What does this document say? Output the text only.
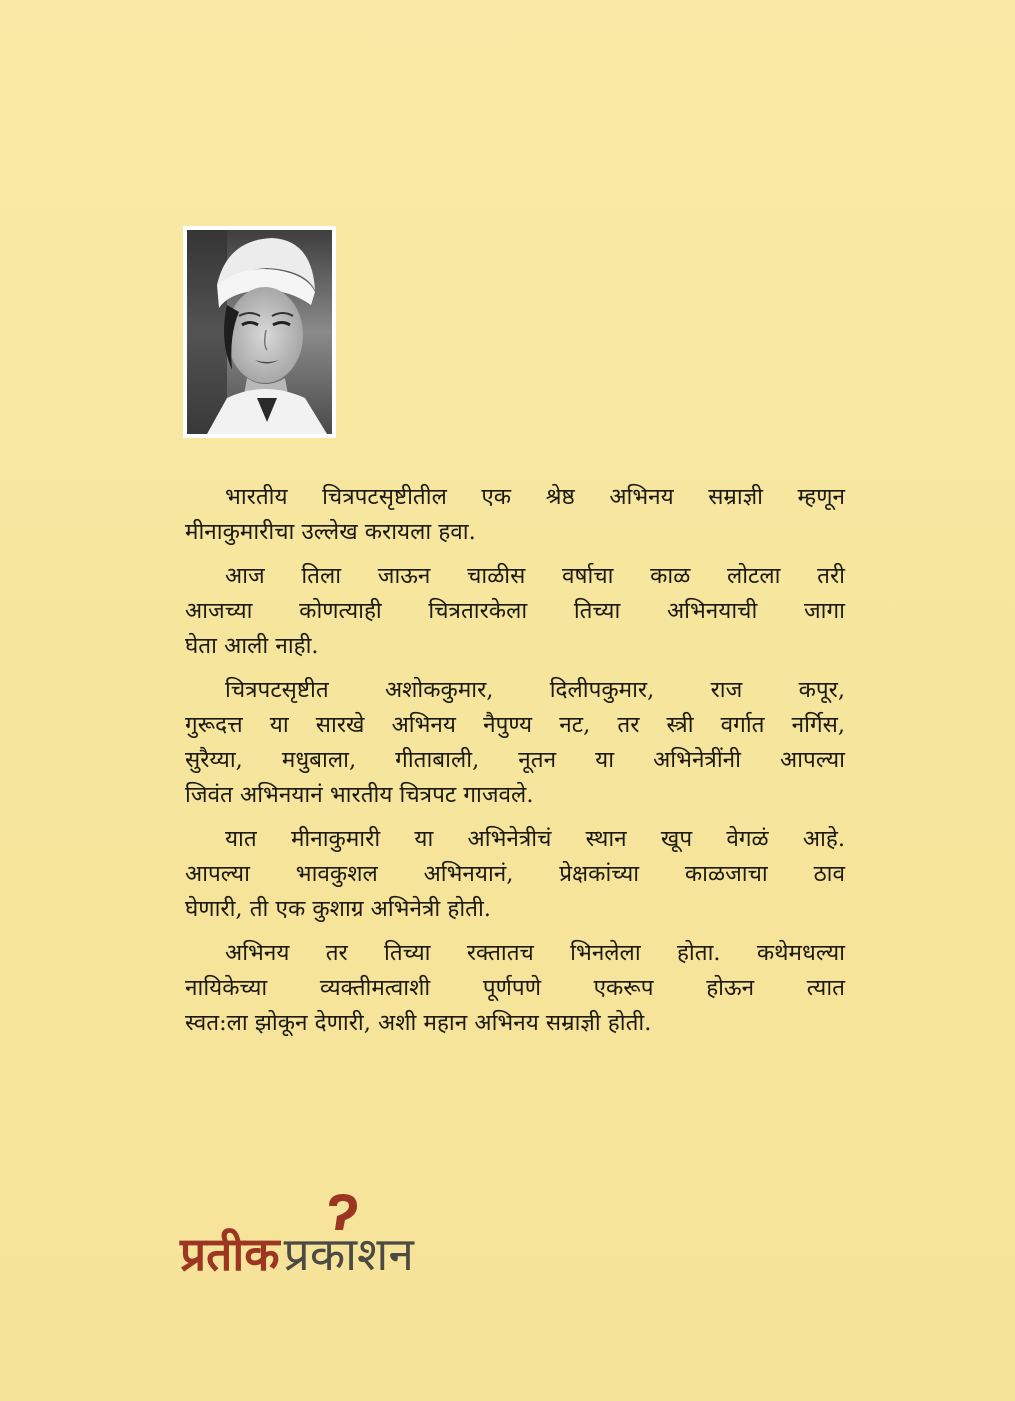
भारतीय चित्रपटसृष्टीतील एक श्रेष्ठ अभिनय सम्राज्ञी म्हणून
मीनाकुमारीचा उल्लेख करायला हवा.
आज तिला जाऊन चाळीस वर्षाचा काळ लोटला तरी
आजच्या कोणत्याही चित्रतारकेला तिच्या अभिनयाची जागा
घेता आली नाही.
चित्रपटसृष्टीत अशोककुमार, दिलीपकुमार, राज कपूर,
गुरूदत्त या सारखे अभिनय नैपुण्य नट, तर स्त्री वर्गात नर्गिस,
सुरैय्या, मधुबाला, गीताबाली, नूतन या अभिनेत्रींनी आपल्या
जिवंत अभिनयानं भारतीय चित्रपट गाजवले.
यात मीनाकुमारी या अभिनेत्रीचं स्थान खूप वेगळं आहे.
आपल्या भावकुशल अभिनयानं, प्रेक्षकांच्या काळजाचा ठाव
घेणारी, ती एक कुशाग्र अभिनेत्री होती.
अभिनय तर तिच्या रक्तातच भिनलेला होता. कथेमधल्या
नायिकेच्या व्यक्तीमत्वाशी पूर्णपणे एकरूप होऊन त्यात
स्वत:ला झोकून देणारी, अशी महान अभिनय सम्राज्ञी होती.
प्रतीकप्रकाशन
